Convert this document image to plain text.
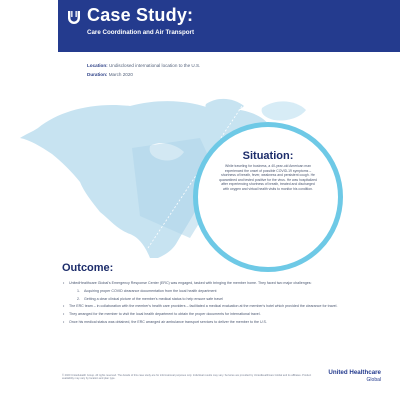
Case Study:
Care Coordination and Air Transport
Location: Undisclosed international location to the U.S.
Duration: March 2020
Situation:
While traveling for business, a 40-year-old American man experienced the onset of possible COVID-19 symptoms – shortness of breath, fever, weakness and persistent cough. He quarantined and tested positive for the virus. He was hospitalized after experiencing shortness of breath, treated and discharged with oxygen and virtual health visits to monitor his condition.
Outcome:
• UnitedHealthcare Global's Emergency Response Center (ERC) was engaged, tasked with bringing the member home. They faced two major challenges:
1. Acquiring proper COVID clearance documentation from the local health department
2. Getting a clear clinical picture of the member's medical status to help ensure safe travel
• The ERC team – in collaboration with the member's health care providers – facilitated a medical evaluation at the member's hotel which provided the clearance for travel.
• They arranged for the member to visit the local health department to obtain the proper documents for international travel.
• Once his medical status was obtained, the ERC arranged air ambulance transport services to deliver the member to the U.S.
© 2020 UnitedHealth Group. All rights reserved. The details of this case study are for informational purposes only. Individual results may vary. Services are provided by UnitedHealthcare Global and its affiliates. Product availability may vary by location and plan type.
United Healthcare
Global
